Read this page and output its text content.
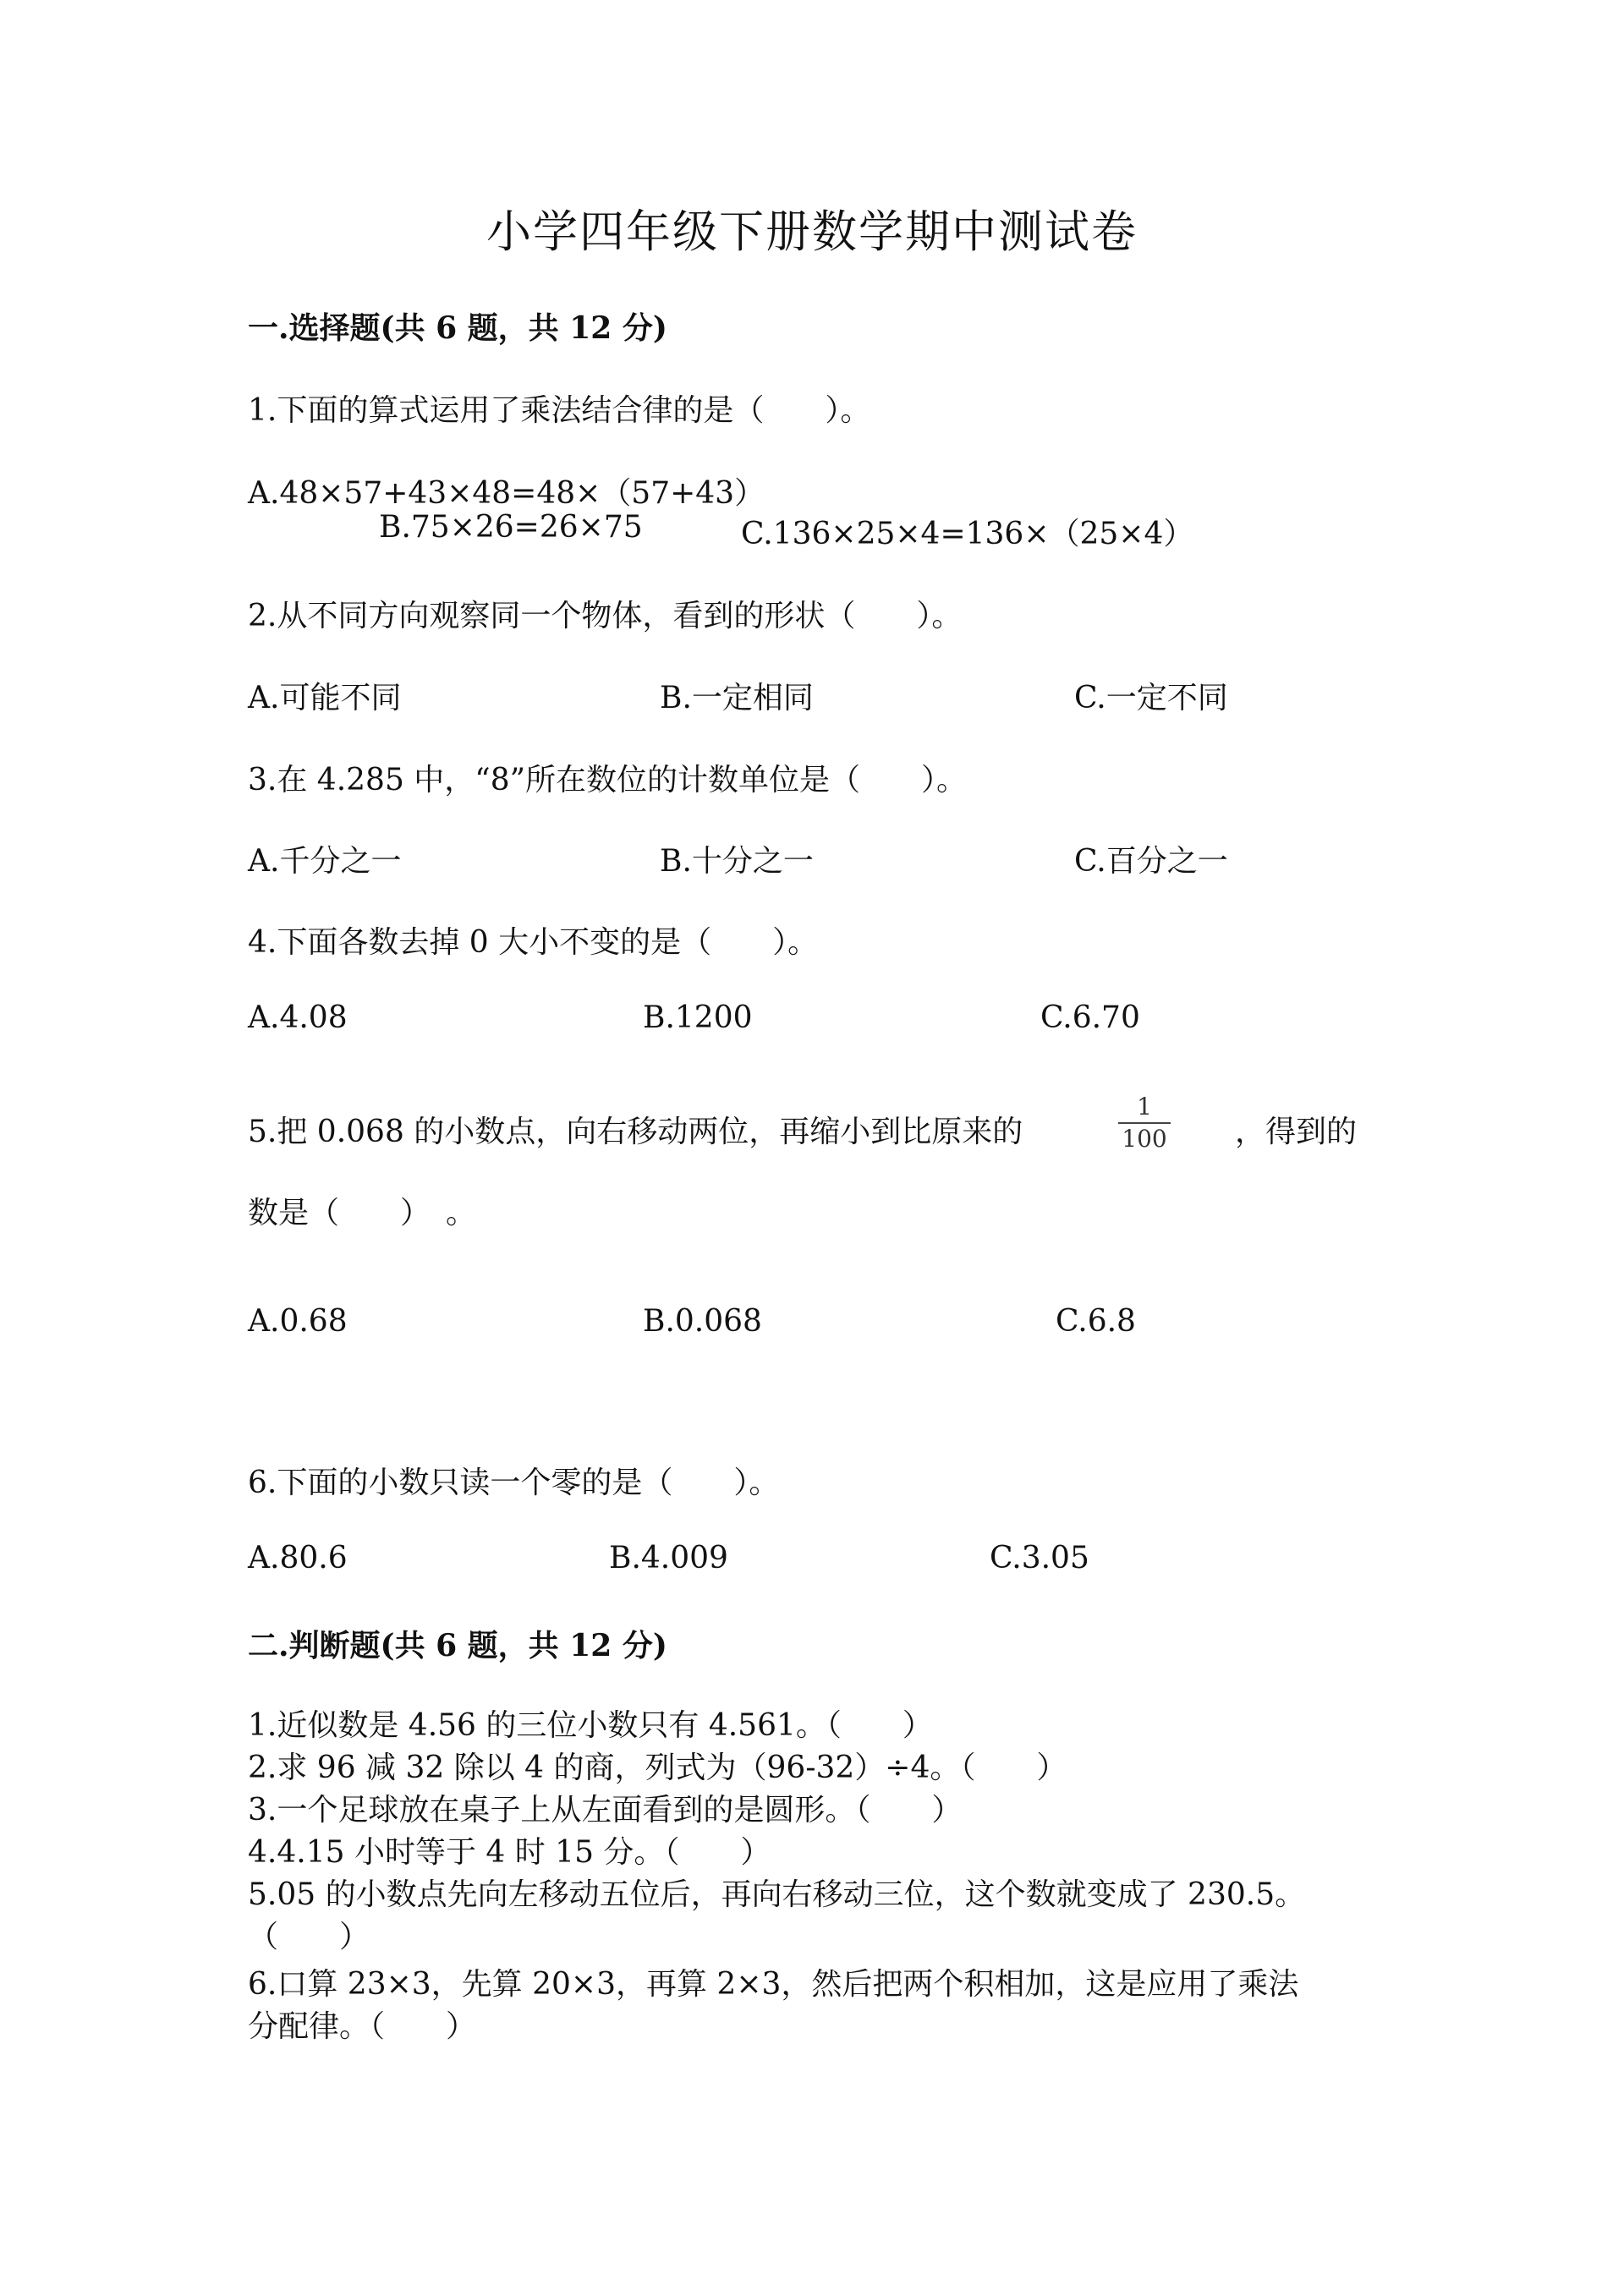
小学四年级下册数学期中测试卷
一.选择题(共 6 题，共 12 分)
1.下面的算式运用了乘法结合律的是（　　）。
A.48×57+43×48=48×（57+43）
B.75×26=26×75	C.136×25×4=136×（25×4）
2.从不同方向观察同一个物体，看到的形状（　　）。
A.可能不同	B.一定相同	C.一定不同
3.在 4.285 中，“8”所在数位的计数单位是（　　）。
A.千分之一	B.十分之一	C.百分之一
4.下面各数去掉 0 大小不变的是（　　）。
A.4.08	B.1200	C.6.70
5.把 0.068 的小数点，向右移动两位，再缩小到比原来的
1
100 ，得到的
数是（　　）　。
A.0.68	B.0.068	C.6.8
6.下面的小数只读一个零的是（　　）。
A.80.6	B.4.009	C.3.05
二.判断题(共 6 题，共 12 分)
1.近似数是 4.56 的三位小数只有 4.561。（　　）
2.求 96 减 32 除以 4 的商，列式为（96-32）÷4。（　　）
3.一个足球放在桌子上从左面看到的是圆形。（　　）
4.4.15 小时等于 4 时 15 分。（　　）
5.05 的小数点先向左移动五位后，再向右移动三位，这个数就变成了 230.5。
（　　）
6.口算 23×3，先算 20×3，再算 2×3，然后把两个积相加，这是应用了乘法
分配律。（　　）
